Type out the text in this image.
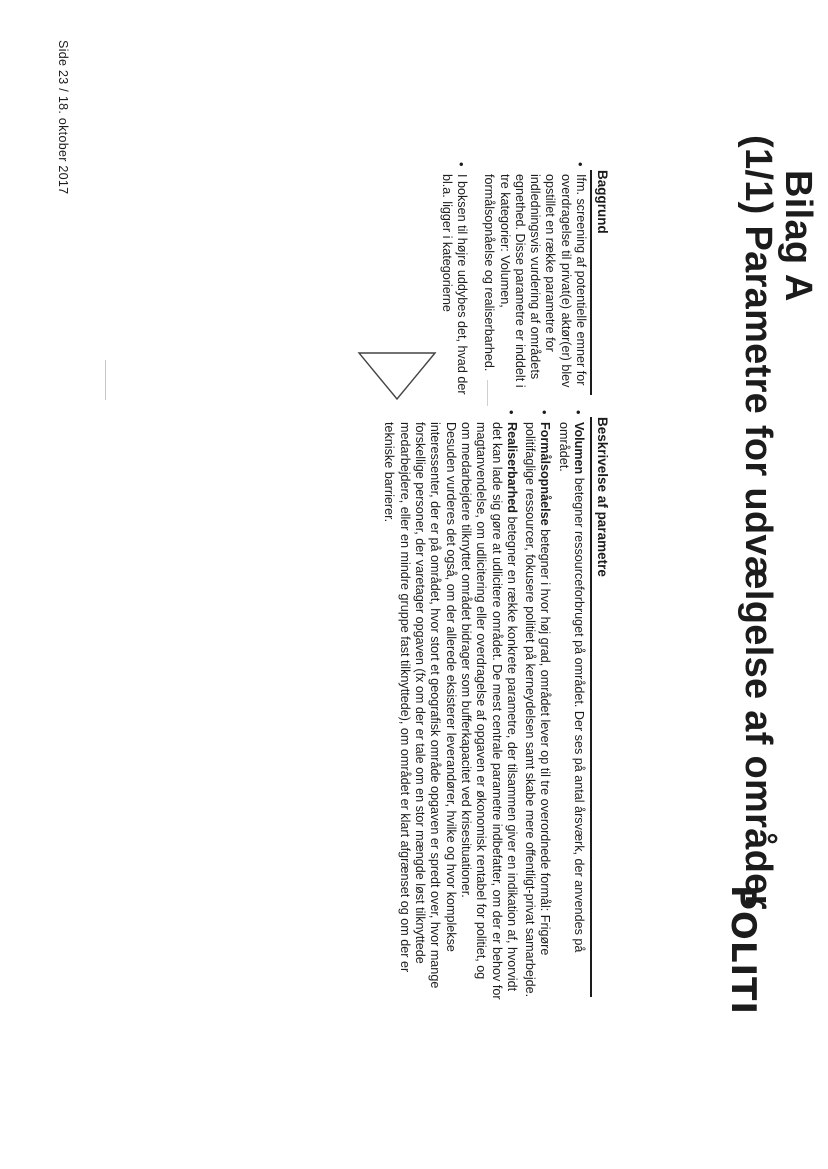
Bilag A
(1/1) Parametre for udvælgelse af områder
POLITI
Baggrund
• Ifm. screening af potentielle emner for overdragelse til privat(e) aktør(er) blev opstillet en række parametre for indledningsvis vurdering af områdets egnethed. Disse parametre er inddelt i tre kategorier: Volumen, formålsopnåelse og realiserbarhed.
• I boksen til højre uddybes det, hvad der bl.a. ligger i kategorierne
Beskrivelse af parametre
• Volumen betegner ressourceforbruget på området. Der ses på antal årsværk, der anvendes på området.
• Formålsopnåelse betegner i hvor høj grad, området lever op til tre overordnede formål: Frigøre politifaglige ressourcer, fokusere politiet på kerneydelsen samt skabe mere offentligt-privat samarbejde.
• Realiserbarhed betegner en række konkrete parametre, der tilsammen giver en indikation af, hvorvidt det kan lade sig gøre at udlicitere området. De mest centrale parametre indbefatter, om der er behov for magtanvendelse, om udlicitering eller overdragelse af opgaven er økonomisk rentabel for politiet, og om medarbejdere tilknyttet området bidrager som bufferkapacitet ved krisesituationer.
Desuden vurderes det også, om der allerede eksisterer leverandører, hvilke og hvor komplekse interessenter, der er på området, hvor stort et geografisk område opgaven er spredt over, hvor mange forskellige personer, der varetager opgaven (fx om der er tale om en stor mængde løst tilknyttede medarbejdere, eller en mindre gruppe fast tilknyttede), om området er klart afgrænset og om der er tekniske barrierer.
Side 23 / 18. oktober 2017
